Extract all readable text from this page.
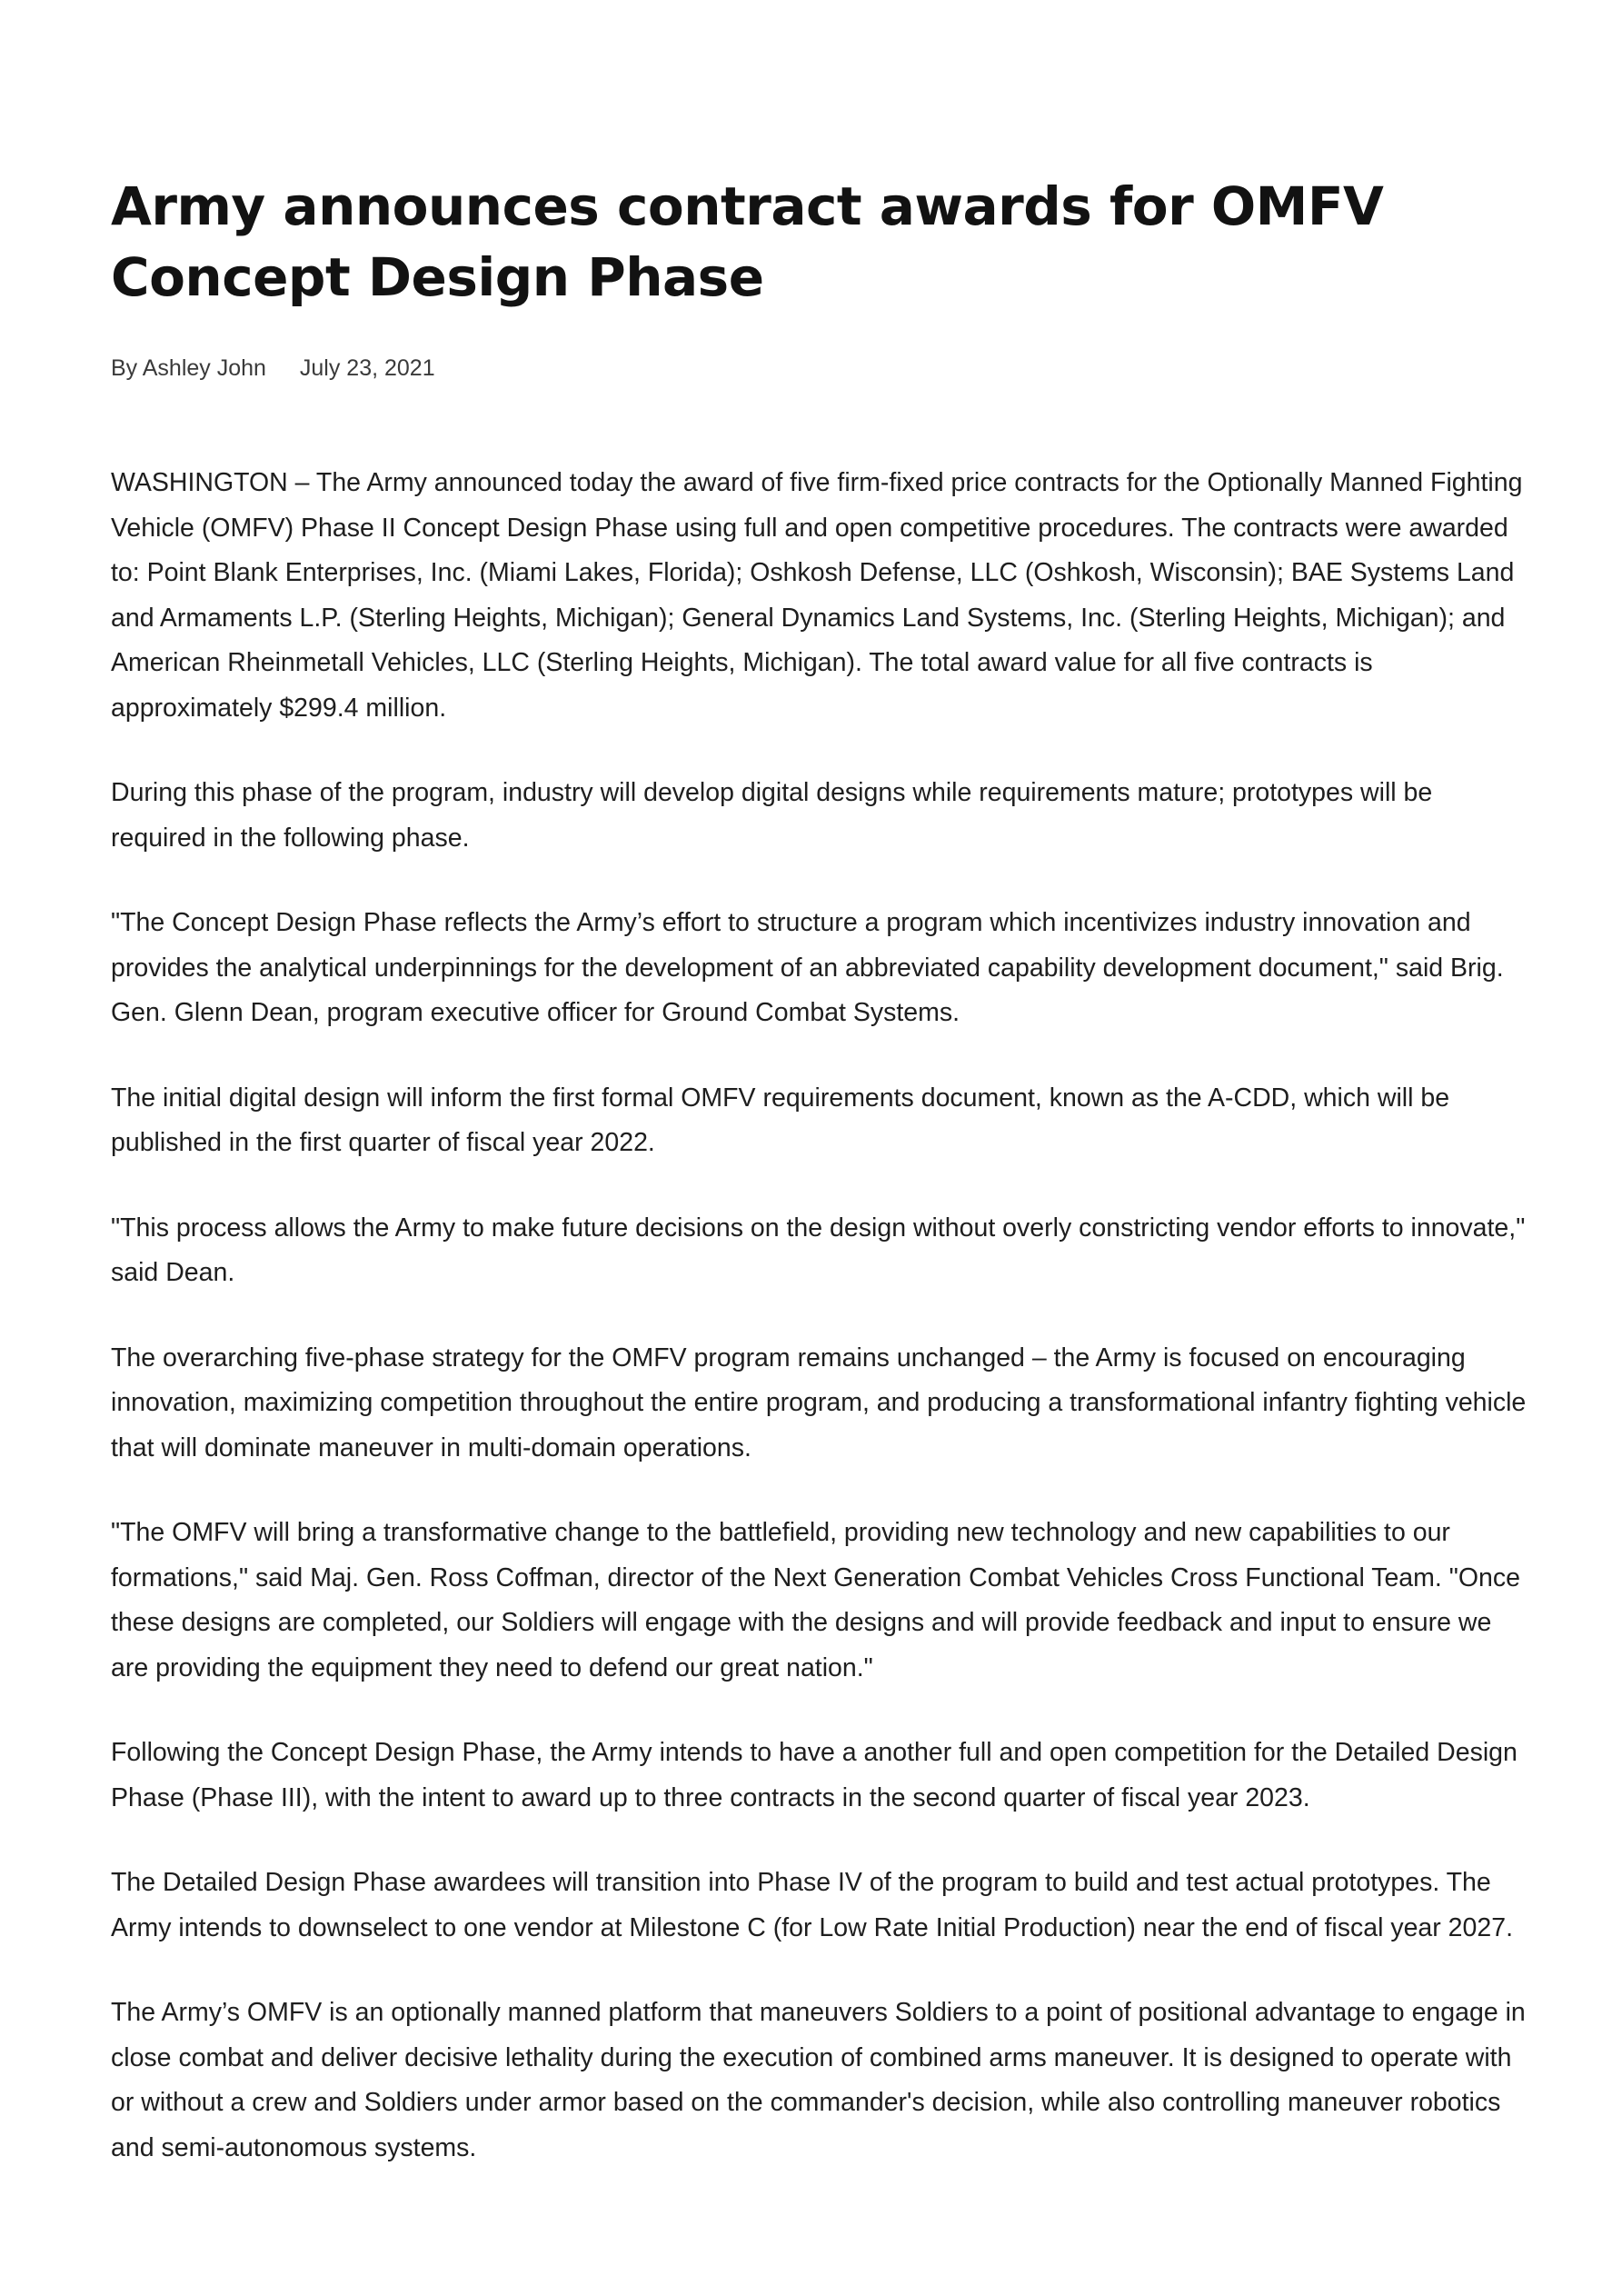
Army announces contract awards for OMFV Concept Design Phase
By Ashley John July 23, 2021

WASHINGTON – The Army announced today the award of five firm-fixed price contracts for the Optionally Manned Fighting Vehicle (OMFV) Phase II Concept Design Phase using full and open competitive procedures. The contracts were awarded to: Point Blank Enterprises, Inc. (Miami Lakes, Florida); Oshkosh Defense, LLC (Oshkosh, Wisconsin); BAE Systems Land and Armaments L.P. (Sterling Heights, Michigan); General Dynamics Land Systems, Inc. (Sterling Heights, Michigan); and American Rheinmetall Vehicles, LLC (Sterling Heights, Michigan). The total award value for all five contracts is approximately $299.4 million.

During this phase of the program, industry will develop digital designs while requirements mature; prototypes will be required in the following phase.

"The Concept Design Phase reflects the Army’s effort to structure a program which incentivizes industry innovation and provides the analytical underpinnings for the development of an abbreviated capability development document," said Brig. Gen. Glenn Dean, program executive officer for Ground Combat Systems.

The initial digital design will inform the first formal OMFV requirements document, known as the A-CDD, which will be published in the first quarter of fiscal year 2022.

"This process allows the Army to make future decisions on the design without overly constricting vendor efforts to innovate," said Dean.

The overarching five-phase strategy for the OMFV program remains unchanged – the Army is focused on encouraging innovation, maximizing competition throughout the entire program, and producing a transformational infantry fighting vehicle that will dominate maneuver in multi-domain operations.

"The OMFV will bring a transformative change to the battlefield, providing new technology and new capabilities to our formations," said Maj. Gen. Ross Coffman, director of the Next Generation Combat Vehicles Cross Functional Team. "Once these designs are completed, our Soldiers will engage with the designs and will provide feedback and input to ensure we are providing the equipment they need to defend our great nation."

Following the Concept Design Phase, the Army intends to have a another full and open competition for the Detailed Design Phase (Phase III), with the intent to award up to three contracts in the second quarter of fiscal year 2023.

The Detailed Design Phase awardees will transition into Phase IV of the program to build and test actual prototypes. The Army intends to downselect to one vendor at Milestone C (for Low Rate Initial Production) near the end of fiscal year 2027.

The Army’s OMFV is an optionally manned platform that maneuvers Soldiers to a point of positional advantage to engage in close combat and deliver decisive lethality during the execution of combined arms maneuver. It is designed to operate with or without a crew and Soldiers under armor based on the commander's decision, while also controlling maneuver robotics and semi-autonomous systems.
